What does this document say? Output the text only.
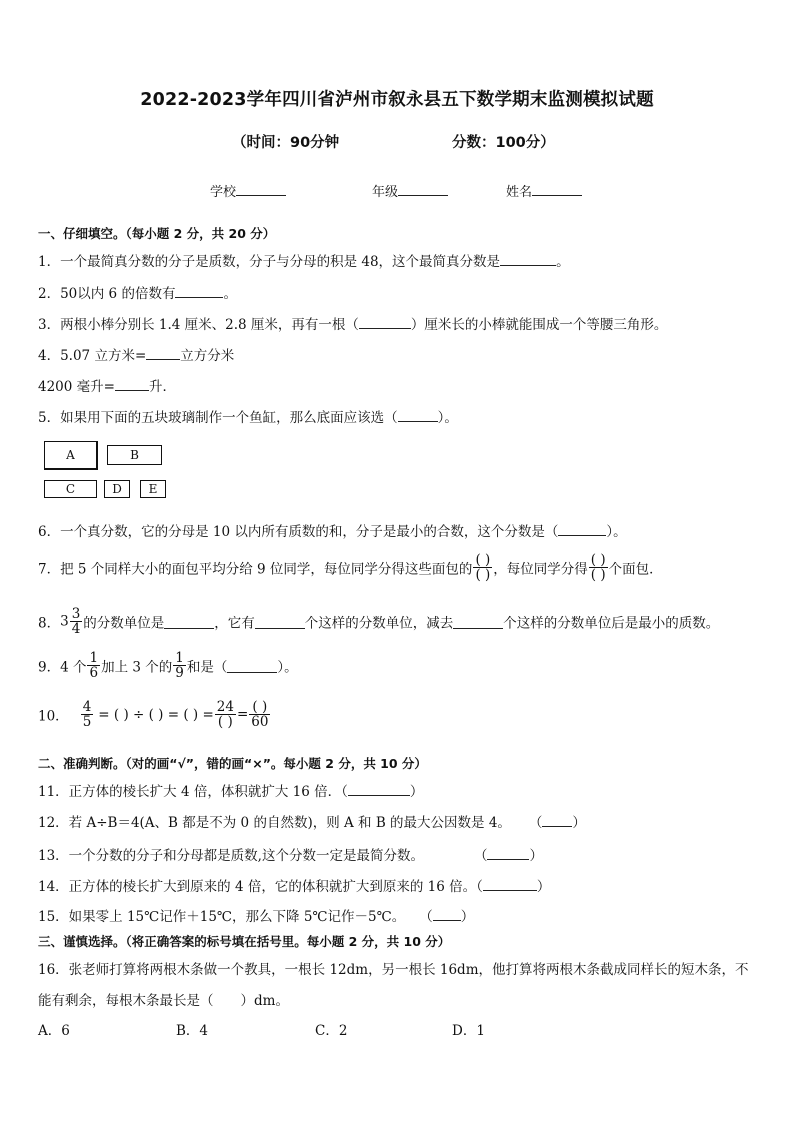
2022-2023学年四川省泸州市叙永县五下数学期末监测模拟试题
（时间：90分钟	分数：100分）
学校	年级	姓名
一、仔细填空。（每小题 2 分，共 20 分）
1．一个最简真分数的分子是质数，分子与分母的积是 48，这个最简真分数是	。
2．50以内 6 的倍数有	。
3．两根小棒分别长 1.4 厘米、2.8 厘米，再有一根（	）厘米长的小棒就能围成一个等腰三角形。
4．5.07 立方米=	立方分米
4200 毫升=	升．
5．如果用下面的五块玻璃制作一个鱼缸，那么底面应该选（	）。
A	B
C	D	E
6．一个真分数，它的分母是 10 以内所有质数的和，分子是最小的合数，这个分数是（	）。
7．把 5 个同样大小的面包平均分给 9 位同学，每位同学分得这些面包的 $\frac{( )}{( )}$ ，每位同学分得 $\frac{( )}{( )}$ 个面包．
8．$3 \frac{3}{4}$ 的分数单位是	，它有	个这样的分数单位，减去	个这样的分数单位后是最小的质数。
9．4 个 $\frac{1}{6}$ 加上 3 个的 $\frac{1}{9}$ 和是（	）。
10． $\frac{4}{5}$ = ( ) ÷ ( ) = ( ) = $\frac{24}{( )} = \frac{( )}{60}$
二、准确判断。（对的画“√”，错的画“×”。每小题 2 分，共 10 分）
11．正方体的棱长扩大 4 倍，体积就扩大 16 倍．（	）
12．若 A÷B＝4(A、B 都是不为 0 的自然数)，则 A 和 B 的最大公因数是 4。 （ ）
13．一个分数的分子和分母都是质数,这个分数一定是最简分数。	（	）
14．正方体的棱长扩大到原来的 4 倍，它的体积就扩大到原来的 16 倍。（	）
15．如果零上 15℃记作＋15℃，那么下降 5℃记作－5℃。 （ ）
三、谨慎选择。（将正确答案的标号填在括号里。每小题 2 分，共 10 分）
16．张老师打算将两根木条做一个教具，一根长 12dm，另一根长 16dm，他打算将两根木条截成同样长的短木条，不
能有剩余，每根木条最长是（　　）dm。
A．6	B．4	C．2	D．1
